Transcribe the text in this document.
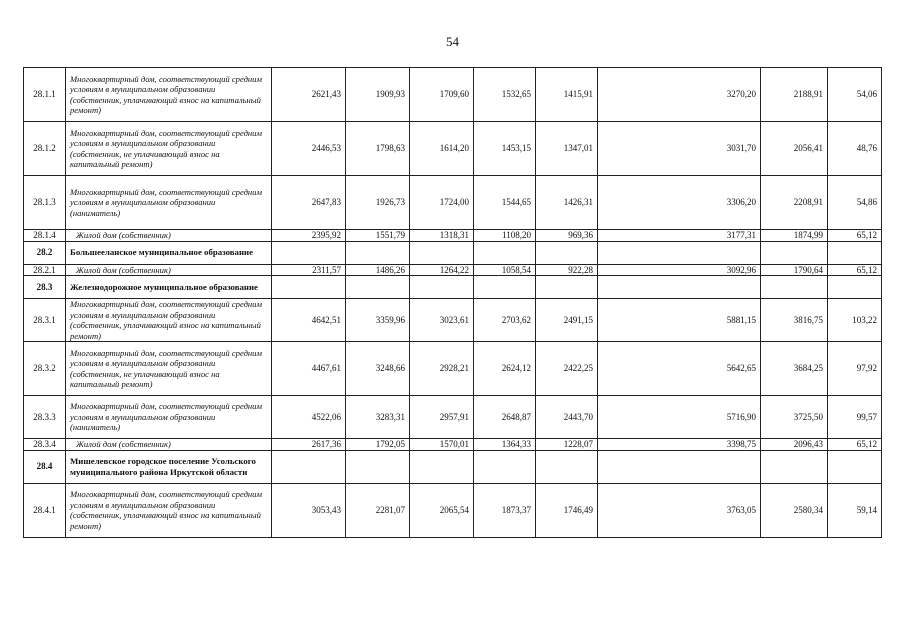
54
28.1.1	Многоквартирный дом, соответствующий средним условиям в муниципальном образовании (собственник, уплачивающий взнос на капитальный ремонт)	2621,43	1909,93	1709,60	1532,65	1415,91	3270,20	2188,91	54,06
28.1.2	Многоквартирный дом, соответствующий средним условиям в муниципальном образовании (собственник, не уплачивающий взнос на капитальный ремонт)	2446,53	1798,63	1614,20	1453,15	1347,01	3031,70	2056,41	48,76
28.1.3	Многоквартирный дом, соответствующий средним условиям в муниципальном образовании (наниматель)	2647,83	1926,73	1724,00	1544,65	1426,31	3306,20	2208,91	54,86
28.1.4	Жилой дом (собственник)	2395,92	1551,79	1318,31	1108,20	969,36	3177,31	1874,99	65,12
28.2	Большееланское муниципальное образование								
28.2.1	Жилой дом (собственник)	2311,57	1486,26	1264,22	1058,54	922,28	3092,96	1790,64	65,12
28.3	Железнодорожное муниципальное образование								
28.3.1	Многоквартирный дом, соответствующий средним условиям в муниципальном образовании (собственник, уплачивающий взнос на капитальный ремонт)	4642,51	3359,96	3023,61	2703,62	2491,15	5881,15	3816,75	103,22
28.3.2	Многоквартирный дом, соответствующий средним условиям в муниципальном образовании (собственник, не уплачивающий взнос на капитальный ремонт)	4467,61	3248,66	2928,21	2624,12	2422,25	5642,65	3684,25	97,92
28.3.3	Многоквартирный дом, соответствующий средним условиям в муниципальном образовании (наниматель)	4522,06	3283,31	2957,91	2648,87	2443,70	5716,90	3725,50	99,57
28.3.4	Жилой дом (собственник)	2617,36	1792,05	1570,01	1364,33	1228,07	3398,75	2096,43	65,12
28.4	Мишелевское городское поселение Усольского муниципального района Иркутской области								
28.4.1	Многоквартирный дом, соответствующий средним условиям в муниципальном образовании (собственник, уплачивающий взнос на капитальный ремонт)	3053,43	2281,07	2065,54	1873,37	1746,49	3763,05	2580,34	59,14
